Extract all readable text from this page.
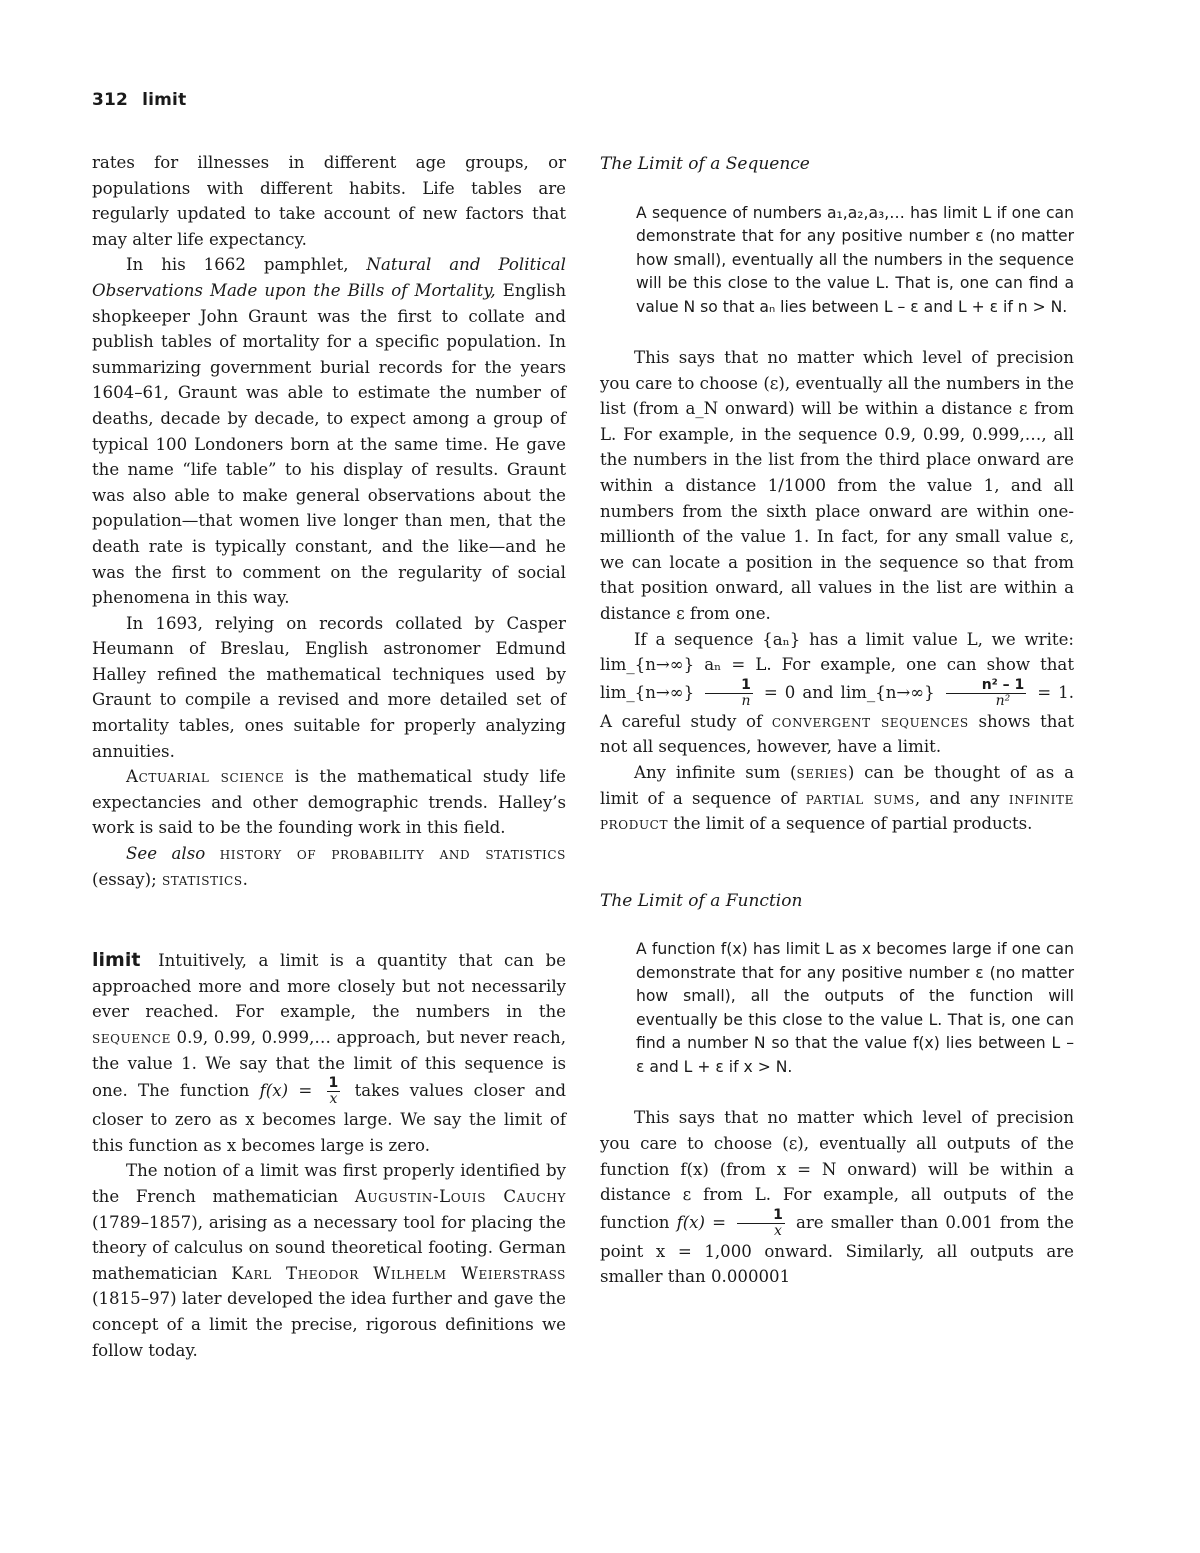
312 limit

rates for illnesses in different age groups, or populations with different habits. Life tables are regularly updated to take account of new factors that may alter life expectancy.

In his 1662 pamphlet, Natural and Political Observations Made upon the Bills of Mortality, English shopkeeper John Graunt was the first to collate and publish tables of mortality for a specific population. In summarizing government burial records for the years 1604–61, Graunt was able to estimate the number of deaths, decade by decade, to expect among a group of typical 100 Londoners born at the same time. He gave the name “life table” to his display of results. Graunt was also able to make general observations about the population—that women live longer than men, that the death rate is typically constant, and the like—and he was the first to comment on the regularity of social phenomena in this way.

In 1693, relying on records collated by Casper Heumann of Breslau, English astronomer Edmund Halley refined the mathematical techniques used by Graunt to compile a revised and more detailed set of mortality tables, ones suitable for properly analyzing annuities.

Actuarial science is the mathematical study life expectancies and other demographic trends. Halley’s work is said to be the founding work in this field.

See also history of probability and statistics (essay); statistics.

limit Intuitively, a limit is a quantity that can be approached more and more closely but not necessarily ever reached. For example, the numbers in the sequence 0.9, 0.99, 0.999,… approach, but never reach, the value 1. We say that the limit of this sequence is one. The function $f(x) = \frac{1}{x}$ takes values closer and closer to zero as x becomes large. We say the limit of this function as x becomes large is zero.

The notion of a limit was first properly identified by the French mathematician Augustin-Louis Cauchy (1789–1857), arising as a necessary tool for placing the theory of calculus on sound theoretical footing. German mathematician Karl Theodor Wilhelm Weierstrass (1815–97) later developed the idea further and gave the concept of a limit the precise, rigorous definitions we follow today.

The Limit of a Sequence
A sequence of numbers a₁,a₂,a₃,… has limit L if one can demonstrate that for any positive number ε (no matter how small), eventually all the numbers in the sequence will be this close to the value L. That is, one can find a value N so that aₙ lies between L – ε and L + ε if n > N.

This says that no matter which level of precision you care to choose (ε), eventually all the numbers in the list (from a_N onward) will be within a distance ε from L. For example, in the sequence 0.9, 0.99, 0.999,…, all the numbers in the list from the third place onward are within a distance 1/1000 from the value 1, and all numbers from the sixth place onward are within one-millionth of the value 1. In fact, for any small value ε, we can locate a position in the sequence so that from that position onward, all values in the list are within a distance ε from one.

If a sequence {aₙ} has a limit value L, we write: lim_{n→∞} aₙ = L. For example, one can show that lim_{n→∞} $\frac{1}{n} = 0$ and lim_{n→∞} $\frac{\text{n² – 1}}{\text{n²}} = 1$. A careful study of convergent sequences shows that not all sequences, however, have a limit.

Any infinite sum (series) can be thought of as a limit of a sequence of partial sums, and any infinite product the limit of a sequence of partial products.

The Limit of a Function
A function f(x) has limit L as x becomes large if one can demonstrate that for any positive number ε (no matter how small), all the outputs of the function will eventually be this close to the value L. That is, one can find a number N so that the value f(x) lies between L – ε and L + ε if x > N.

This says that no matter which level of precision you care to choose (ε), eventually all outputs of the function f(x) (from x = N onward) will be within a distance ε from L. For example, all outputs of the function $f(x) = \frac{1}{x}$ are smaller than 0.001 from the point x = 1,000 onward. Similarly, all outputs are smaller than 0.000001
